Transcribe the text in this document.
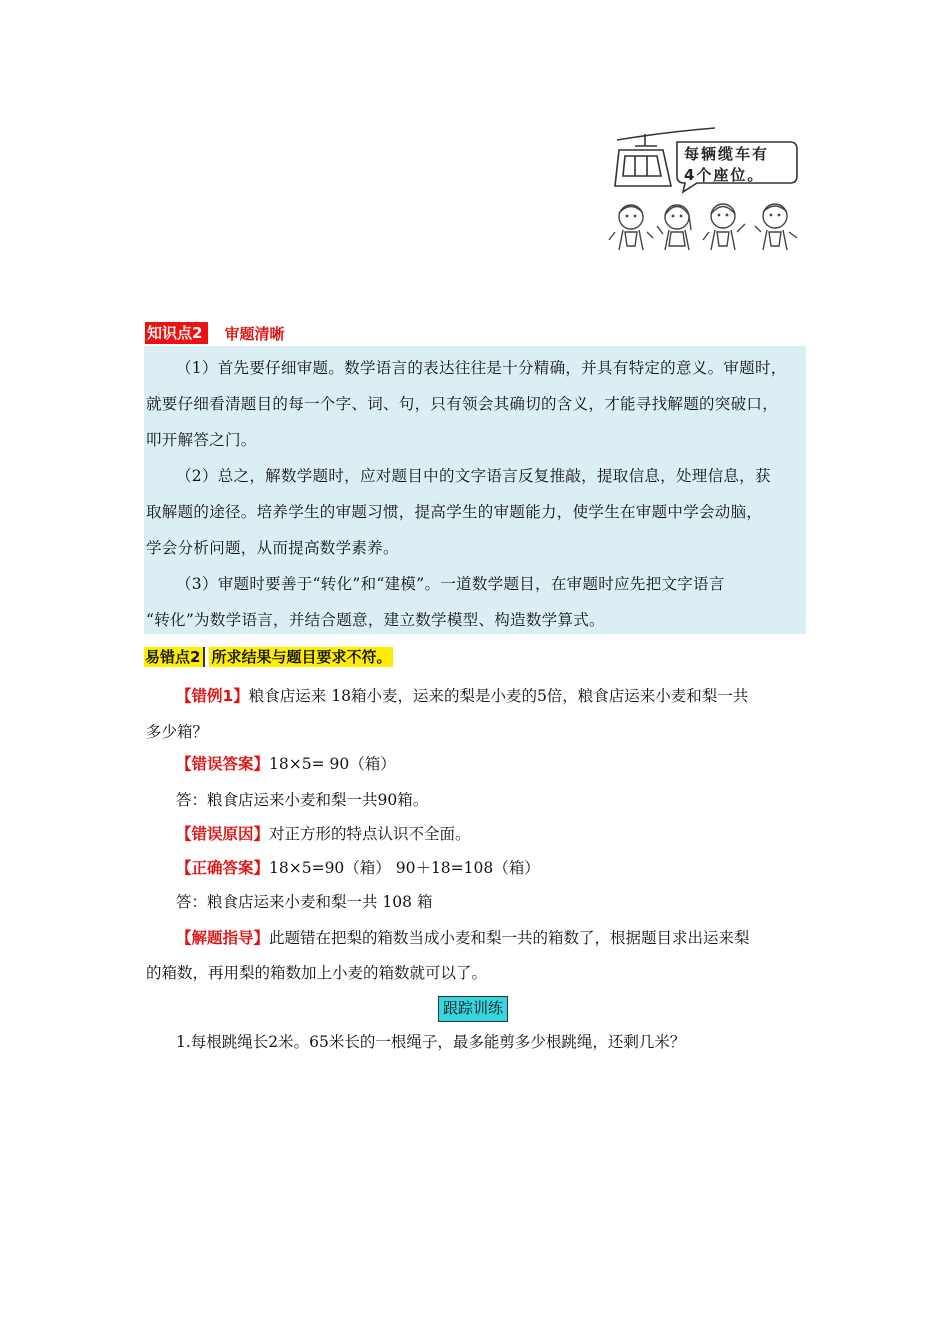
每辆缆车有
4个座位。
知识点2	审题清晰
（1）首先要仔细审题。数学语言的表达往往是十分精确，并具有特定的意义。审题时，
就要仔细看清题目的每一个字、词、句，只有领会其确切的含义，才能寻找解题的突破口，
叩开解答之门。
（2）总之，解数学题时，应对题目中的文字语言反复推敲，提取信息，处理信息，获
取解题的途径。培养学生的审题习惯，提高学生的审题能力，使学生在审题中学会动脑，
学会分析问题，从而提高数学素养。
（3）审题时要善于“转化”和“建模”。一道数学题目，在审题时应先把文字语言
“转化”为数学语言，并结合题意，建立数学模型、构造数学算式。
易错点2 所求结果与题目要求不符。
【错例1】粮食店运来 18箱小麦，运来的梨是小麦的5倍，粮食店运来小麦和梨一共
多少箱？
【错误答案】18×5= 90（箱）
答：粮食店运来小麦和梨一共90箱。
【错误原因】对正方形的特点认识不全面。
【正确答案】18×5=90（箱） 90＋18=108（箱）
答：粮食店运来小麦和梨一共 108 箱
【解题指导】此题错在把梨的箱数当成小麦和梨一共的箱数了，根据题目求出运来梨
的箱数，再用梨的箱数加上小麦的箱数就可以了。
跟踪训练
1.每根跳绳长2米。65米长的一根绳子，最多能剪多少根跳绳，还剩几米？
